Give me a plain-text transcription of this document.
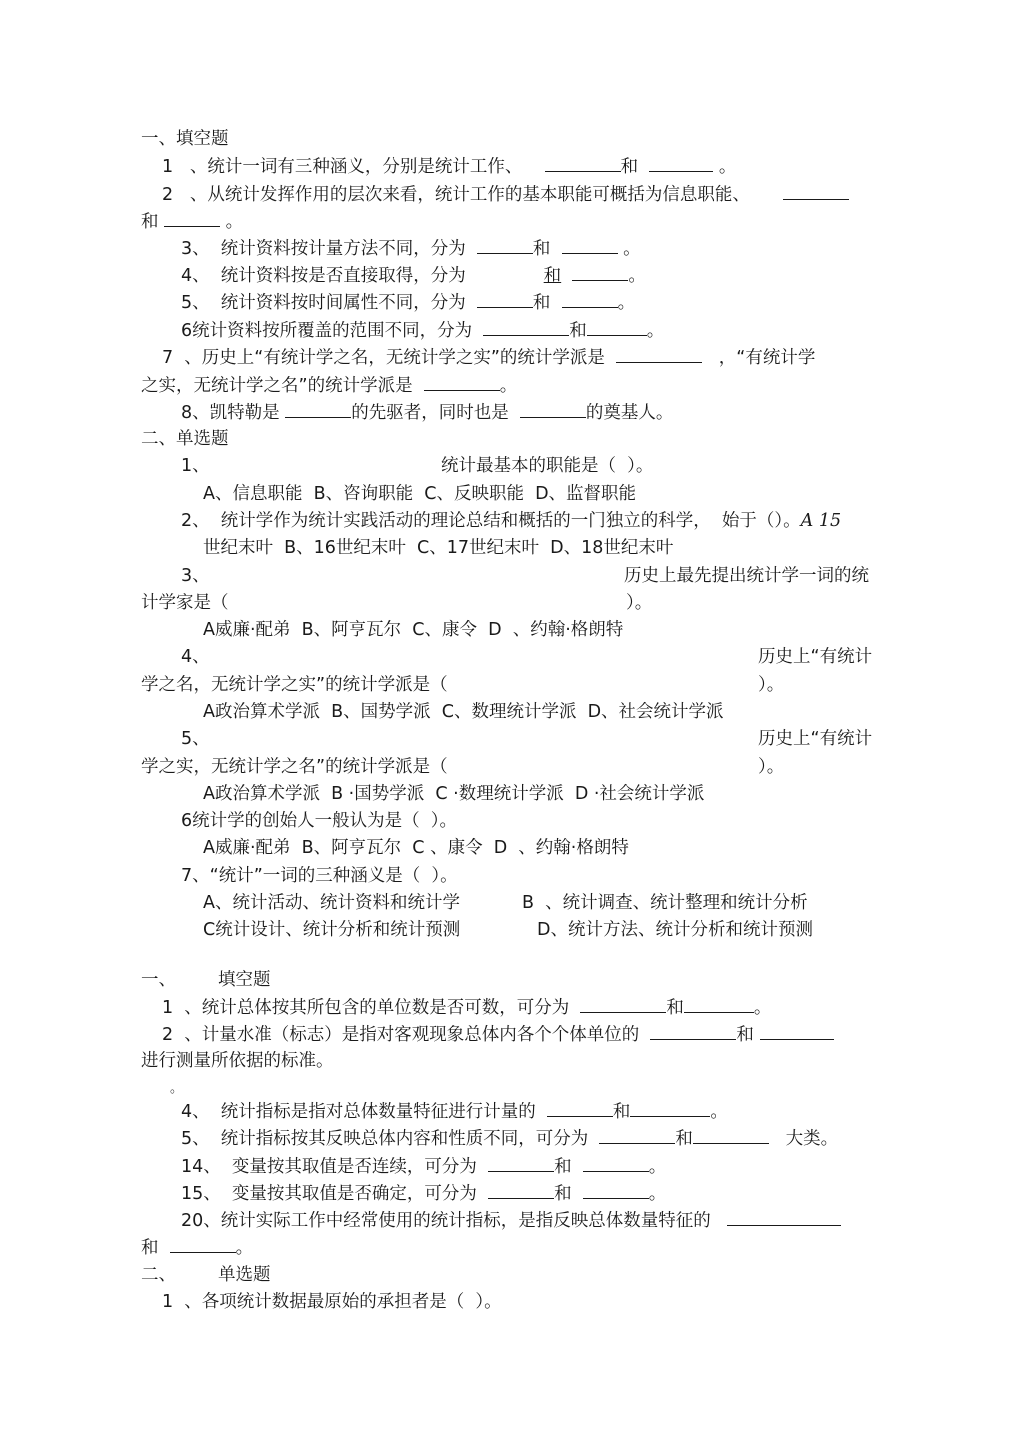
一、填空题
1 、统计一词有三种涵义，分别是统计工作、	和	。
2 、从统计发挥作用的层次来看，统计工作的基本职能可概括为信息职能、
和	。
3、 统计资料按计量方法不同，分为	和	。
4、 统计资料按是否直接取得，分为	和	。
5、 统计资料按时间属性不同，分为	和	。
6统计资料按所覆盖的范围不同，分为	和	。
7 、历史上“有统计学之名，无统计学之实”的统计学派是	，“有统计学
之实，无统计学之名”的统计学派是	。
8、凯特勒是	的先驱者，同时也是	的奠基人。
二、单选题
1、	统计最基本的职能是（  ）。
A、信息职能  B、咨询职能  C、反映职能  D、监督职能
2、 统计学作为统计实践活动的理论总结和概括的一门独立的科学，  始于（）。A 15
世纪末叶  B、16世纪末叶  C、17世纪末叶  D、18世纪末叶
3、	历史上最先提出统计学一词的统
计学家是（	）。
A威廉·配弟  B、阿亨瓦尔  C、康令  D  、约翰·格朗特
4、	历史上“有统计
学之名，无统计学之实”的统计学派是（	）。
A政治算术学派  B、国势学派  C、数理统计学派  D、社会统计学派
5、	历史上“有统计
学之实，无统计学之名”的统计学派是（	）。
A政治算术学派  B ·国势学派  C ·数理统计学派  D ·社会统计学派
6统计学的创始人一般认为是（  ）。
A威廉·配弟  B、阿亨瓦尔  C 、康令  D  、约翰·格朗特
7、“统计”一词的三种涵义是（  ）。
A、统计活动、统计资料和统计学	B  、统计调查、统计整理和统计分析
C统计设计、统计分析和统计预测	D、统计方法、统计分析和统计预测
一、 填空题
1 、统计总体按其所包含的单位数是否可数，可分为	和	。
2 、计量水准（标志）是指对客观现象总体内各个个体单位的	和
进行测量所依据的标准。
。
4、 统计指标是指对总体数量特征进行计量的	和	。
5、 统计指标按其反映总体内容和性质不同，可分为	和	大类。
14、 变量按其取值是否连续，可分为	和	。
15、 变量按其取值是否确定，可分为	和	。
20、统计实际工作中经常使用的统计指标，是指反映总体数量特征的
和	。
二、 单选题
1 、各项统计数据最原始的承担者是（  ）。
